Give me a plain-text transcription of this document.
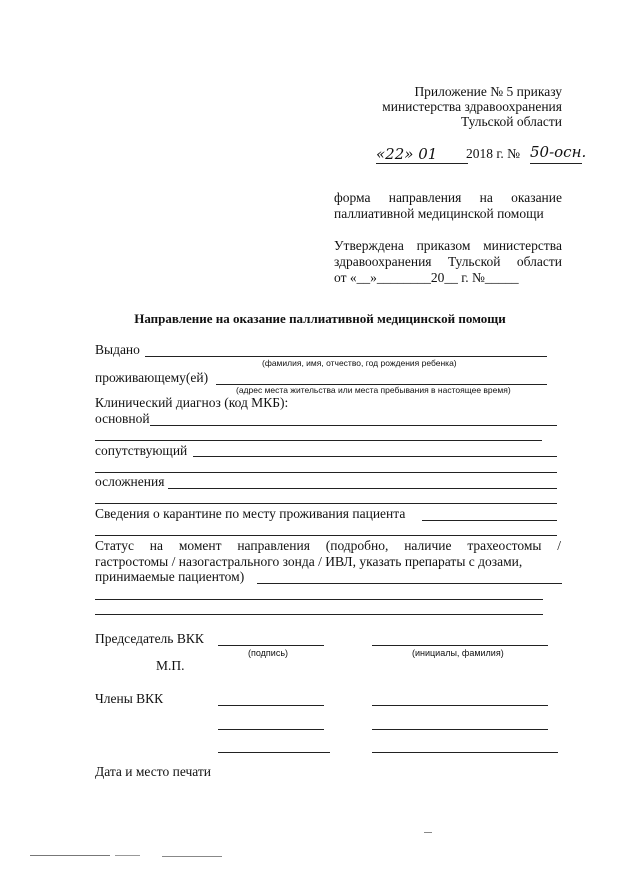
Приложение № 5 приказу
министерства здравоохранения
Тульской области
«22» 01 2018 г. № 50-осн.
форма направления на оказание
паллиативной медицинской помощи
Утверждена приказом министерства
здравоохранения Тульской области
от «__»________20__ г. №_____
Направление на оказание паллиативной медицинской помощи
Выдано
(фамилия, имя, отчество, год рождения ребенка)
проживающему(ей)
(адрес места жительства или места пребывания в настоящее время)
Клинический диагноз (код МКБ):
основной
сопутствующий
осложнения
Сведения о карантине по месту проживания пациента
Статус на момент направления (подробно, наличие трахеостомы /
гастростомы / назогастрального зонда / ИВЛ, указать препараты с дозами,
принимаемые пациентом)
Председатель ВКК
(подпись)	(инициалы, фамилия)
М.П.
Члены ВКК
Дата и место печати
